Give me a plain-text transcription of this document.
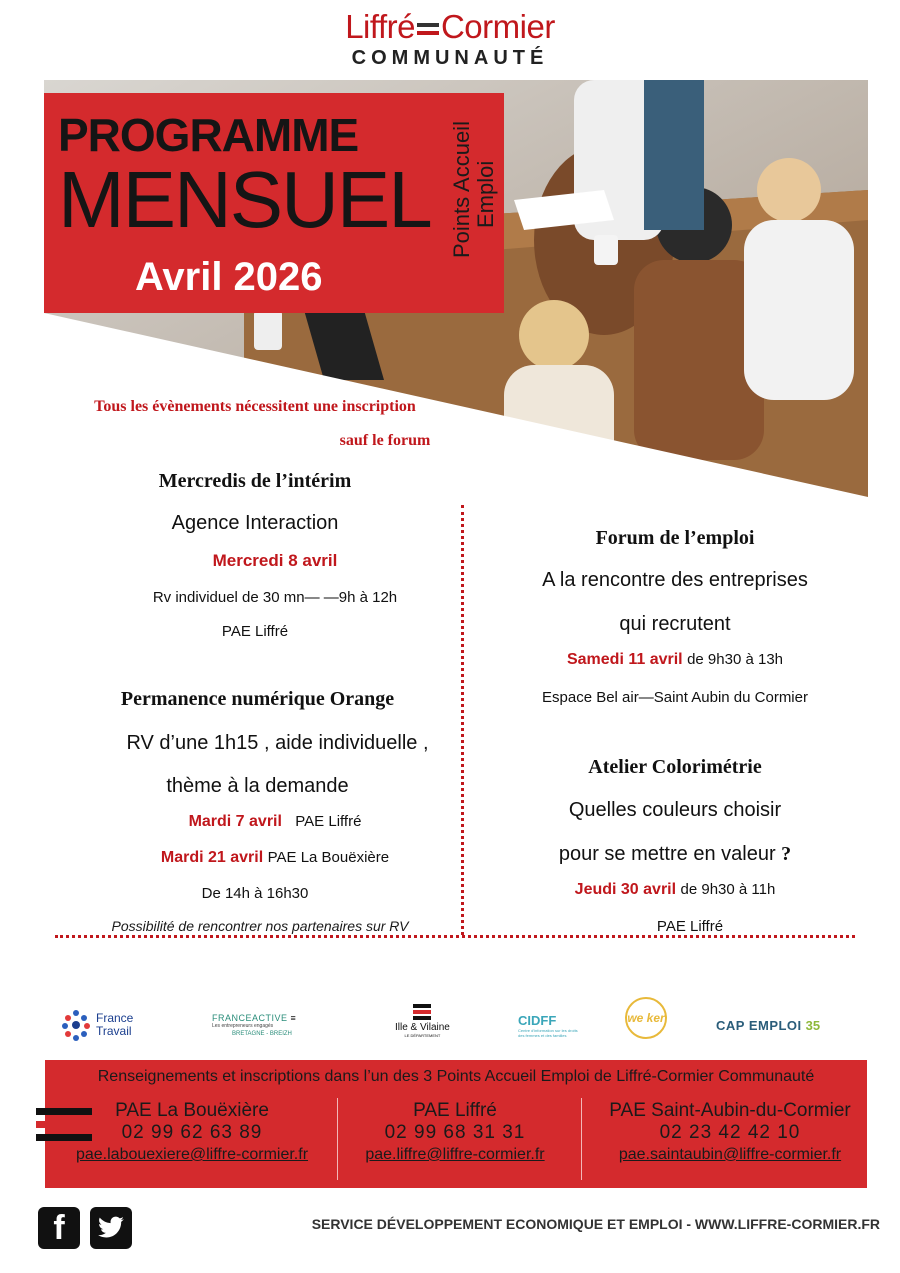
Liffré Cormier
COMMUNAUTÉ
PROGRAMME
MENSUEL Points Accueil Emploi
Avril 2026
Tous les évènements nécessitent une inscription
sauf le forum
Mercredis de l’intérim
Agence Interaction
Mercredi 8 avril
Rv individuel de 30 mn— —9h à 12h
PAE Liffré
Permanence numérique Orange
RV d’une 1h15 , aide individuelle ,
thème à la demande
Mardi 7 avril PAE Liffré
Mardi 21 avril PAE La Bouëxière
De 14h à 16h30
Possibilité de rencontrer nos partenaires sur RV
Forum de l’emploi
A la rencontre des entreprises
qui recrutent
Samedi 11 avril de 9h30 à 13h
Espace Bel air—Saint Aubin du Cormier
Atelier Colorimétrie
Quelles couleurs choisir
pour se mettre en valeur ?
Jeudi 30 avril de 9h30 à 11h
PAE Liffré
France
Travail
FRANCEACTIVE ≡
Les entrepreneurs engagés
BRETAGNE - BREIZH
Ille & Vilaine
LE DÉPARTEMENT
CIDFF
Centre d'information sur les droits des femmes et des familles
we ker	CAP EMPLOI 35
Renseignements et inscriptions dans l’un des 3 Points Accueil Emploi de Liffré-Cormier Communauté
PAE La Bouëxière
02 99 62 63 89
pae.labouexiere@liffre-cormier.fr
PAE Liffré
02 99 68 31 31
pae.liffre@liffre-cormier.fr
PAE Saint-Aubin-du-Cormier
02 23 42 42 10
pae.saintaubin@liffre-cormier.fr
f	SERVICE DÉVELOPPEMENT ECONOMIQUE ET EMPLOI - WWW.LIFFRE-CORMIER.FR
